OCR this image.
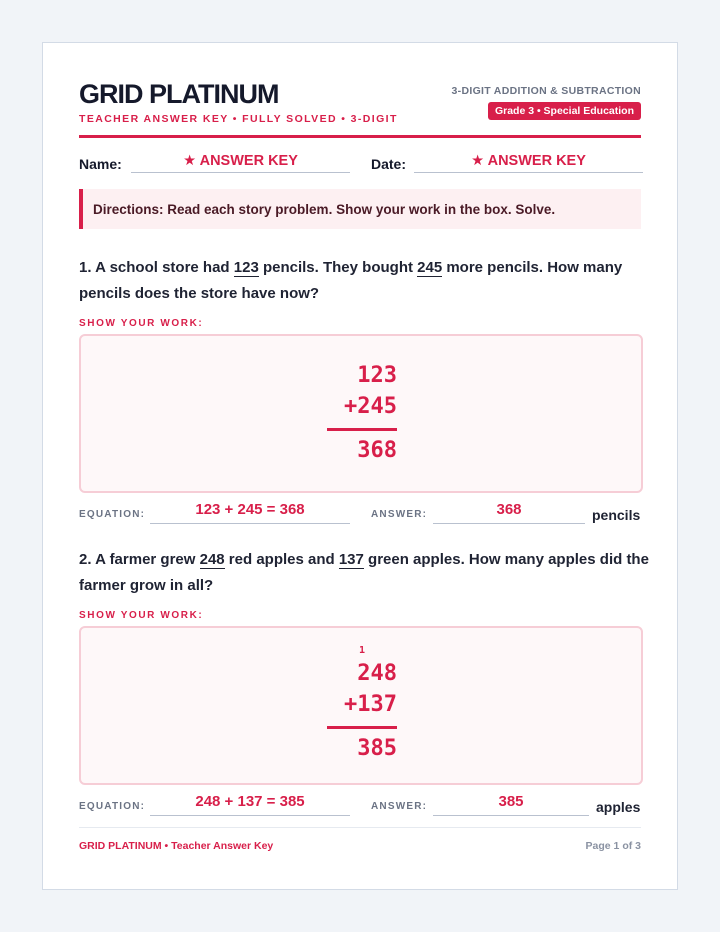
GRID PLATINUM
TEACHER ANSWER KEY • FULLY SOLVED • 3-DIGIT
3-DIGIT ADDITION & SUBTRACTION
Grade 3 • Special Education
Name:	★ ANSWER KEY	Date:	★ ANSWER KEY
Directions: Read each story problem. Show your work in the box. Solve.
1. A school store had 123 pencils. They bought 245 more pencils. How many pencils does the store have now?
SHOW YOUR WORK:
123
+245
368
EQUATION:	123 + 245 = 368	ANSWER:	368	pencils
2. A farmer grew 248 red apples and 137 green apples. How many apples did the farmer grow in all?
SHOW YOUR WORK:
1
248
+137
385
EQUATION:	248 + 137 = 385	ANSWER:	385	apples
GRID PLATINUM • Teacher Answer Key	Page 1 of 3
